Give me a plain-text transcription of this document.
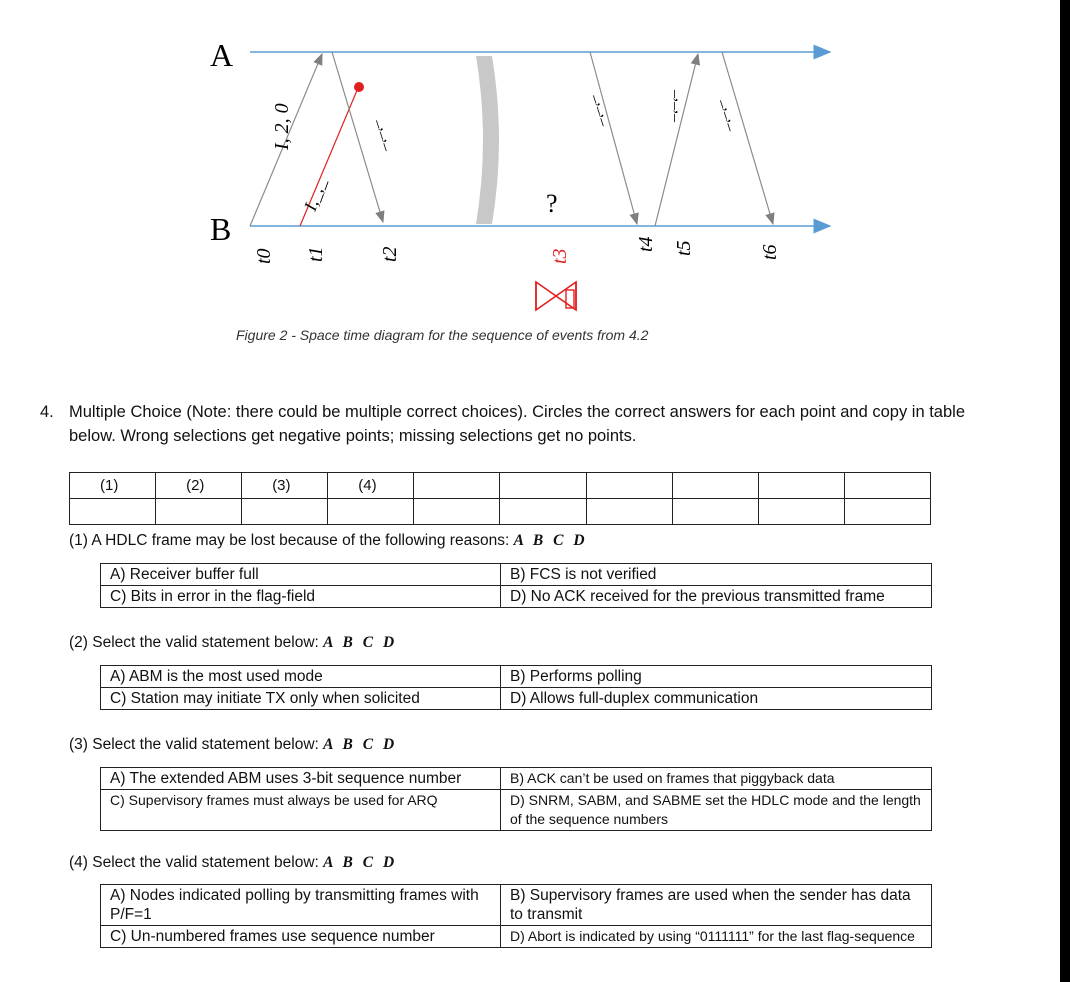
A
B
I, 2, 0
I,_,_
_,_,_
_,_,_	_,_,_ _,_,_
?
t0 t1	t2	t3
t4 t5	t6
Figure 2 - Space time diagram for the sequence of events from 4.2
4. Multiple Choice (Note: there could be multiple correct choices). Circles the correct answers for each point and copy in table below. Wrong selections get negative points; missing selections get no points.
(1)	(2)	(3)	(4)						

(1) A HDLC frame may be lost because of the following reasons: A B C D
A) Receiver buffer full	B) FCS is not verified
C) Bits in error in the flag-field	D) No ACK received for the previous transmitted frame
(2) Select the valid statement below: A B C D
A) ABM is the most used mode	B) Performs polling
C) Station may initiate TX only when solicited	D) Allows full-duplex communication
(3) Select the valid statement below: A B C D
A) The extended ABM uses 3-bit sequence number	B) ACK can’t be used on frames that piggyback data
C) Supervisory frames must always be used for ARQ	D) SNRM, SABM, and SABME set the HDLC mode and the length of the sequence numbers
(4) Select the valid statement below: A B C D
A) Nodes indicated polling by transmitting frames with P/F=1	B) Supervisory frames are used when the sender has data to transmit
C) Un-numbered frames use sequence number	D) Abort is indicated by using “0111111” for the last flag-sequence
